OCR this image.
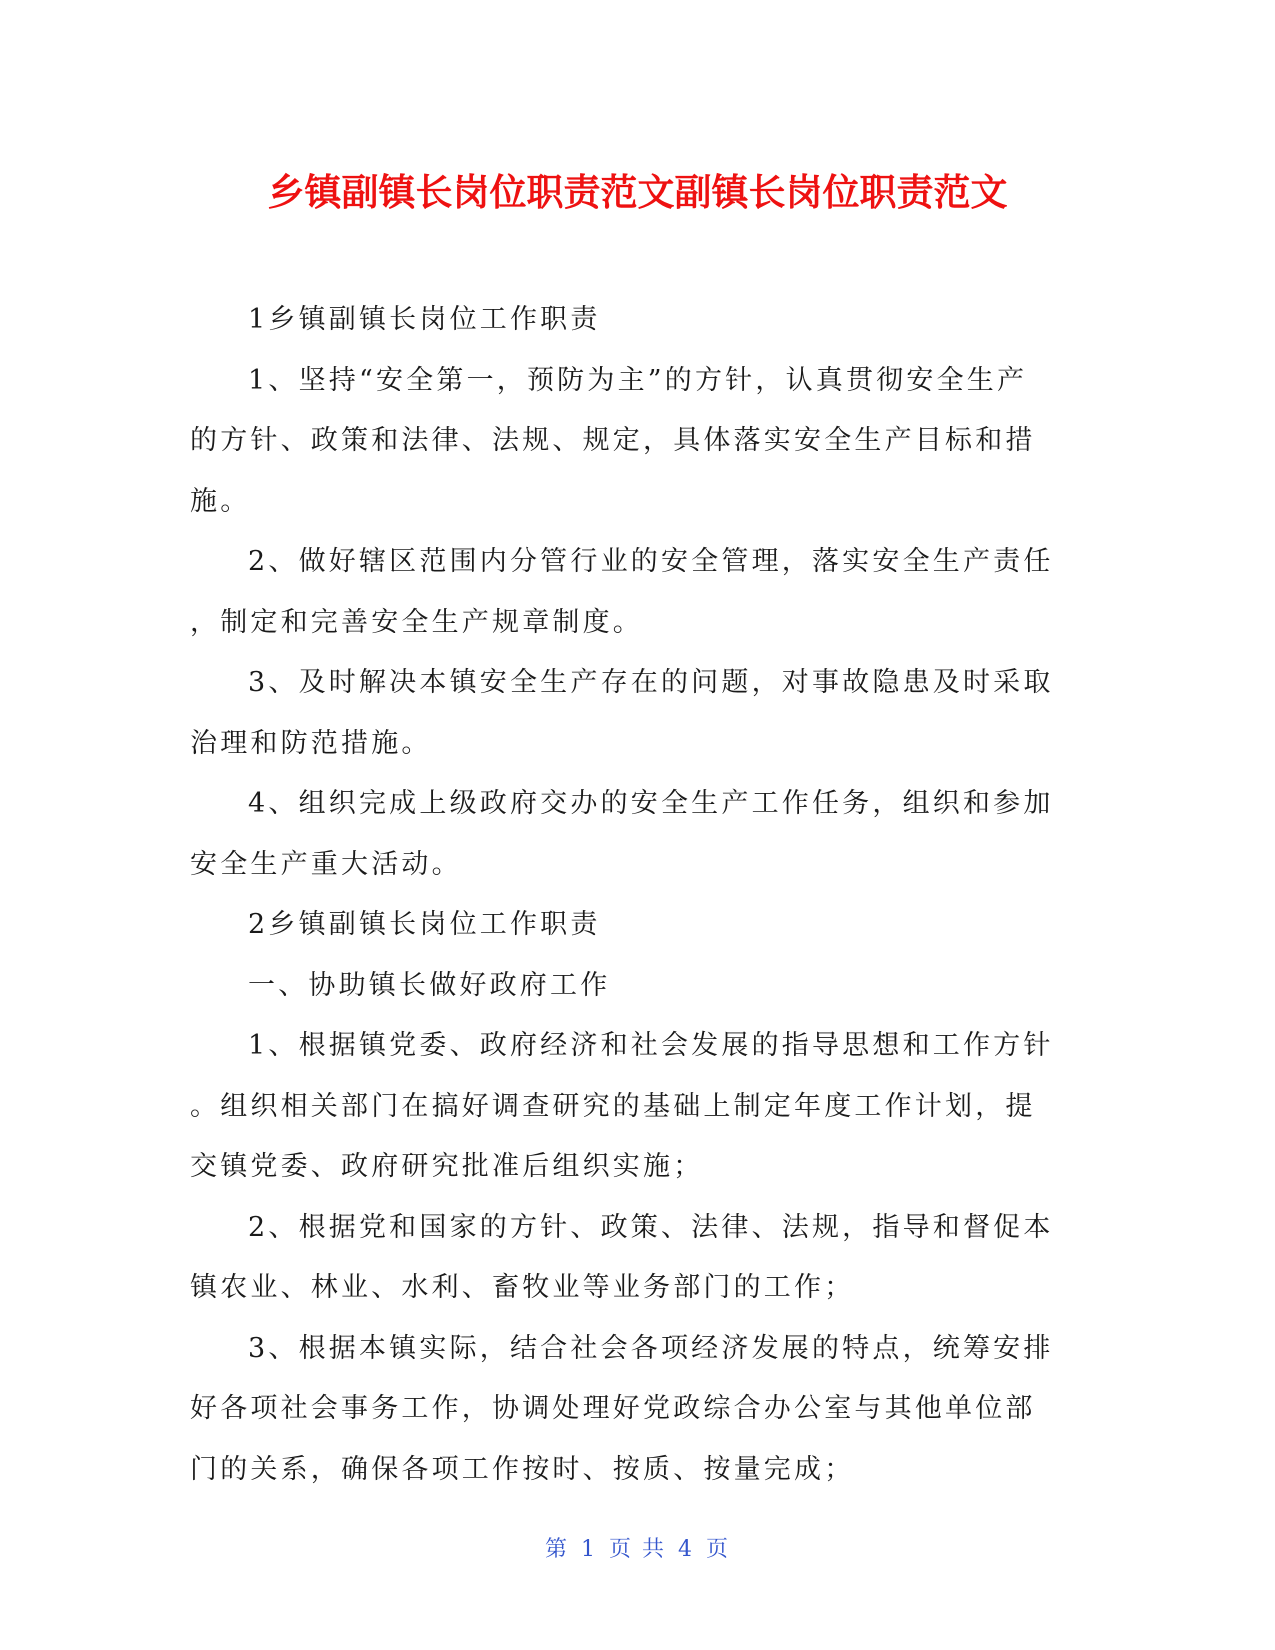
乡镇副镇长岗位职责范文副镇长岗位职责范文
1乡镇副镇长岗位工作职责
1、坚持“安全第一，预防为主”的方针，认真贯彻安全生产
的方针、政策和法律、法规、规定，具体落实安全生产目标和措
施。
2、做好辖区范围内分管行业的安全管理，落实安全生产责任
，制定和完善安全生产规章制度。
3、及时解决本镇安全生产存在的问题，对事故隐患及时采取
治理和防范措施。
4、组织完成上级政府交办的安全生产工作任务，组织和参加
安全生产重大活动。
2乡镇副镇长岗位工作职责
一、协助镇长做好政府工作
1、根据镇党委、政府经济和社会发展的指导思想和工作方针
。组织相关部门在搞好调查研究的基础上制定年度工作计划，提
交镇党委、政府研究批准后组织实施；
2、根据党和国家的方针、政策、法律、法规，指导和督促本
镇农业、林业、水利、畜牧业等业务部门的工作；
3、根据本镇实际，结合社会各项经济发展的特点，统筹安排
好各项社会事务工作，协调处理好党政综合办公室与其他单位部
门的关系，确保各项工作按时、按质、按量完成；
第 1 页 共 4 页
